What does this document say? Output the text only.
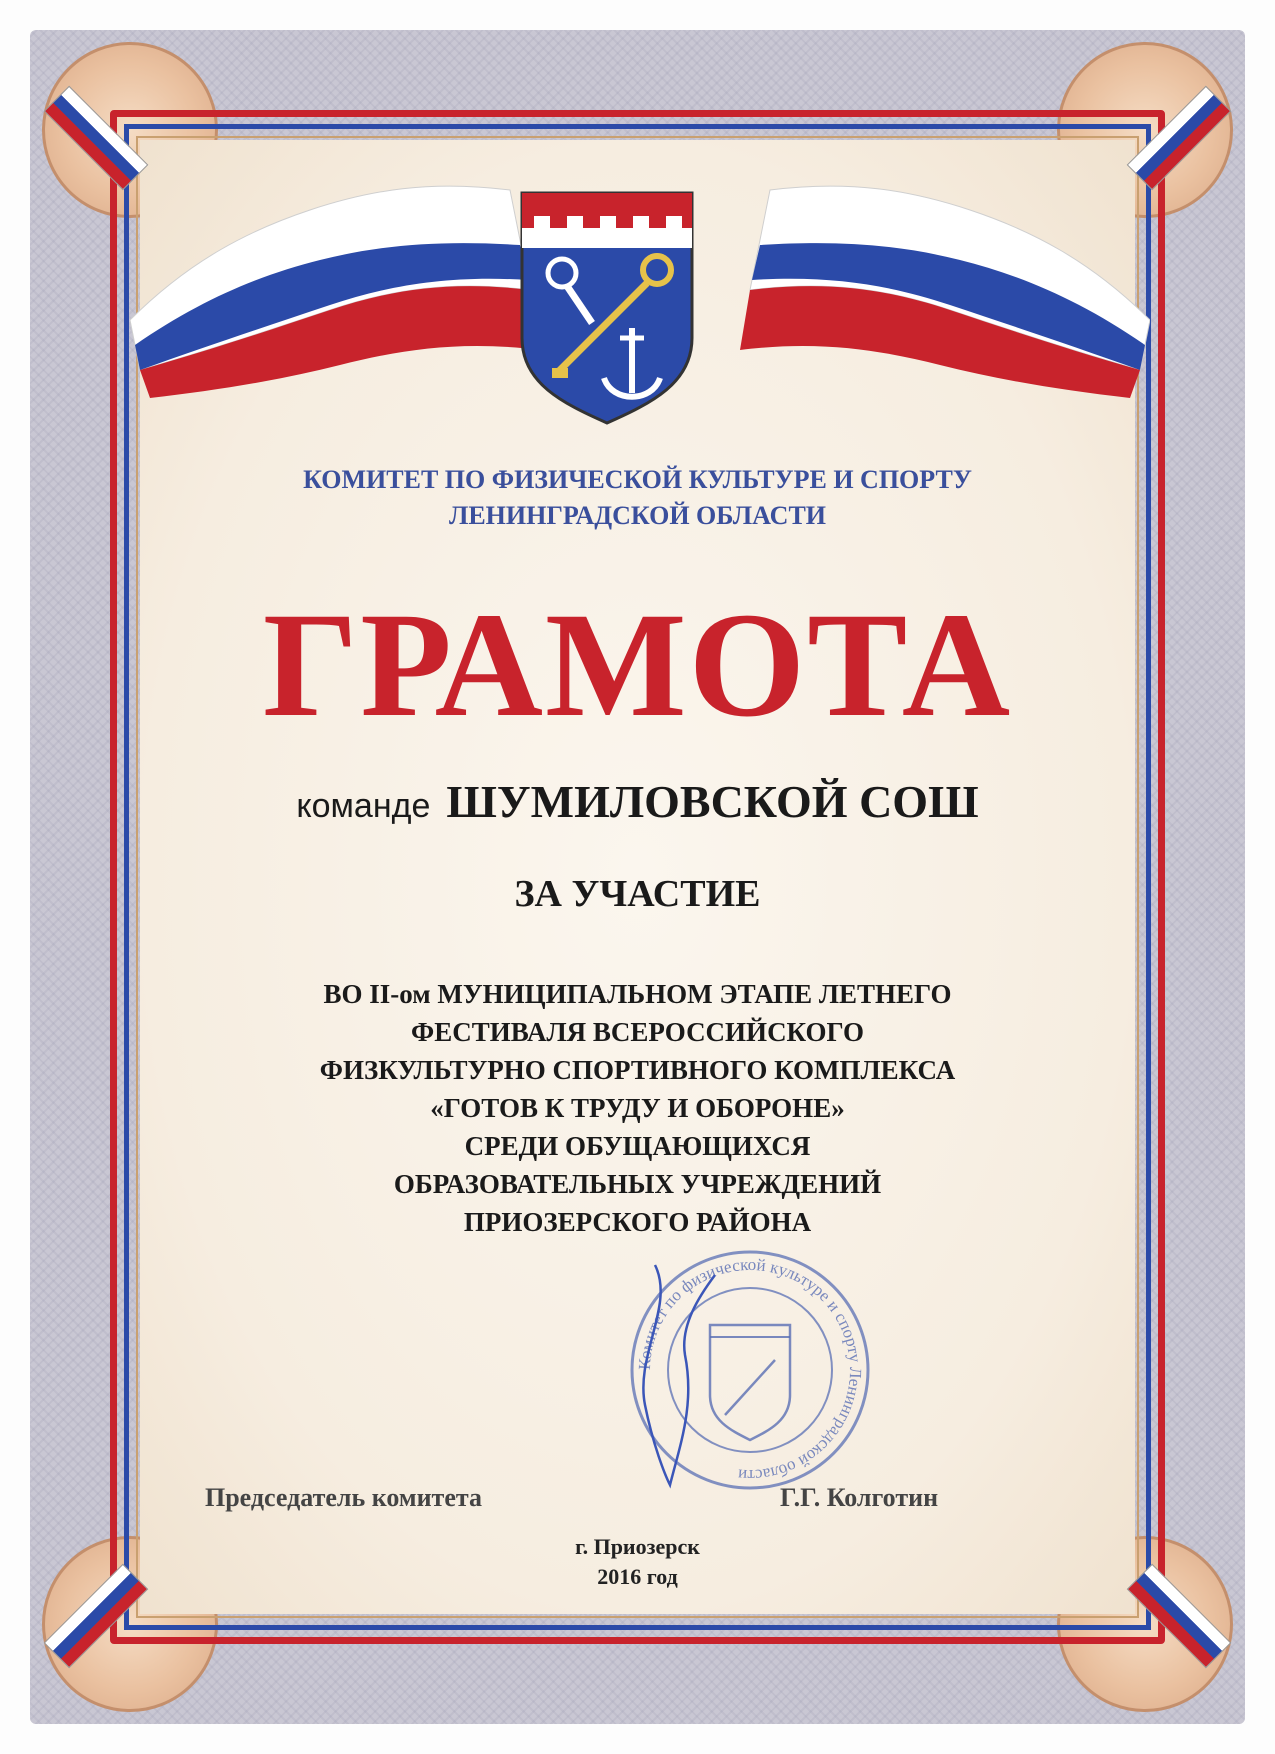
КОМИТЕТ ПО ФИЗИЧЕСКОЙ КУЛЬТУРЕ И СПОРТУ
ЛЕНИНГРАДСКОЙ ОБЛАСТИ
ГРАМОТА
команде ШУМИЛОВСКОЙ СОШ
ЗА УЧАСТИЕ
ВО II-ом МУНИЦИПАЛЬНОМ ЭТАПЕ ЛЕТНЕГО
ФЕСТИВАЛЯ ВСЕРОССИЙСКОГО
ФИЗКУЛЬТУРНО СПОРТИВНОГО КОМПЛЕКСА
«ГОТОВ К ТРУДУ И ОБОРОНЕ»
СРЕДИ ОБУЩАЮЩИХСЯ
ОБРАЗОВАТЕЛЬНЫХ УЧРЕЖДЕНИЙ
ПРИОЗЕРСКОГО РАЙОНА
Комитет по физической культуре и спорту Ленинградской области
Председатель комитета	Г.Г. Колготин
г. Приозерск
2016 год
